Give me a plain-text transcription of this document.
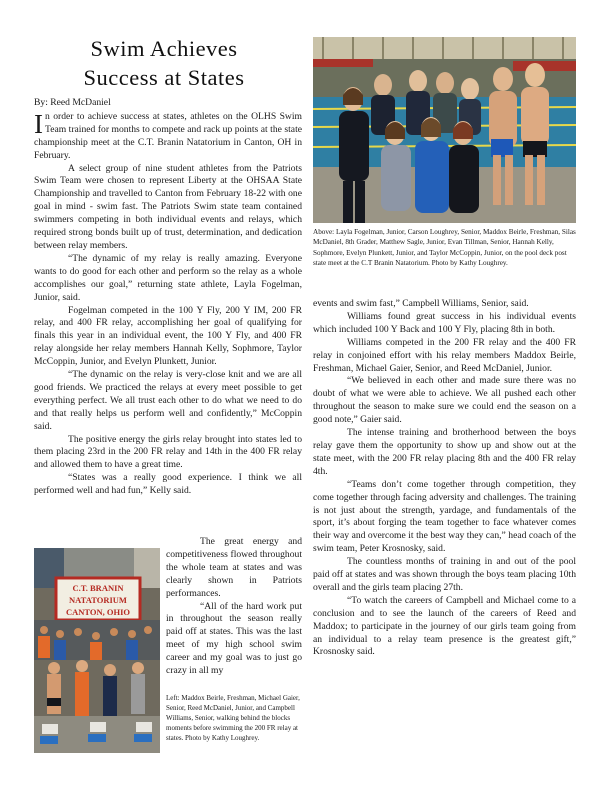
Swim Achieves
Success at States

By: Reed McDaniel

In order to achieve success at states, athletes on the OLHS Swim Team trained for months to compete and rack up points at the state championship meet at the C.T. Branin Natatorium in Canton, OH in February.

A select group of nine student athletes from the Patriots Swim Team were chosen to represent Liberty at the OHSAA State Championship and travelled to Canton from February 18-22 with one goal in mind - swim fast. The Patriots Swim state team contained swimmers competing in both individual events and relays, which required strong bonds built up of trust, determination, and dedication between relay members.

“The dynamic of my relay is really amazing. Everyone wants to do good for each other and perform so the relay as a whole accomplishes our goal,” returning state athlete, Layla Fogelman, Junior, said.

Fogelman competed in the 100 Y Fly, 200 Y IM, 200 FR relay, and 400 FR relay, accomplishing her goal of qualifying for finals this year in an individual event, the 100 Y Fly, and 400 FR relay alongside her relay members Hannah Kelly, Sophmore, Taylor McCoppin, Junior, and Evelyn Plunkett, Junior.

“The dynamic on the relay is very-close knit and we are all good friends. We practiced the relays at every meet possible to get everything perfect. We all trust each other to do what we need to do and that really helps us perform well and confidently,” McCoppin said.

The positive energy the girls relay brought into states led to them placing 23rd in the 200 FR relay and 14th in the 400 FR relay and allowed them to have a great time.

“States was a really good experience. I think we all performed well and had fun,” Kelly said.

The great energy and competitiveness flowed throughout the whole team at states and was clearly shown in Patriots performances.

“All of the hard work put in throughout the season really paid off at states. This was the last meet of my high school swim career and my goal was to just go crazy in all my

events and swim fast,” Campbell Williams, Senior, said.

Williams found great success in his individual events which included 100 Y Back and 100 Y Fly, placing 8th in both.

Williams competed in the 200 FR relay and the 400 FR relay in conjoined effort with his relay members Maddox Beirle, Freshman, Michael Gaier, Senior, and Reed McDaniel, Junior.

“We believed in each other and made sure there was no doubt of what we were able to achieve. We all pushed each other throughout the season to make sure we could end the season on a good note,” Gaier said.

The intense training and brotherhood between the boys relay gave them the opportunity to show up and show out at the state meet, with the 200 FR relay placing 8th and the 400 FR relay 4th.

“Teams don’t come together through competition, they come together through facing adversity and challenges. The training is not just about the strength, yardage, and fundamentals of the sport, it’s about forging the team together to face whatever comes their way and overcome it the best way they can,” head coach of the swim team, Peter Krosnosky, said.

The countless months of training in and out of the pool paid off at states and was shown through the boys team placing 10th overall and the girls team placing 27th.

“To watch the careers of Campbell and Michael come to a conclusion and to see the launch of the careers of Reed and Maddox; to participate in the journey of our girls team going from an individual to a relay team presence is the greatest gift,” Krosnosky said.

Above: Layla Fogelman, Junior, Carson Loughrey, Senior, Maddox Beirle, Freshman, Silas McDaniel, 8th Grader, Matthew Sagle, Junior, Evan Tillman, Senior, Hannah Kelly, Sophmore, Evelyn Plunkett, Junior, and Taylor McCoppin, Junior, on the pool deck post state meet at the C.T Branin Natatorium. Photo by Kathy Loughrey.
C.T. BRANIN
NATATORIUM
CANTON, OHIO
Left: Maddox Beirle, Freshman, Michael Gaier, Senior, Reed McDaniel, Junior, and Campbell Williams, Senior, walking behind the blocks moments before swimming the 200 FR relay at states. Photo by Kathy Loughrey.
